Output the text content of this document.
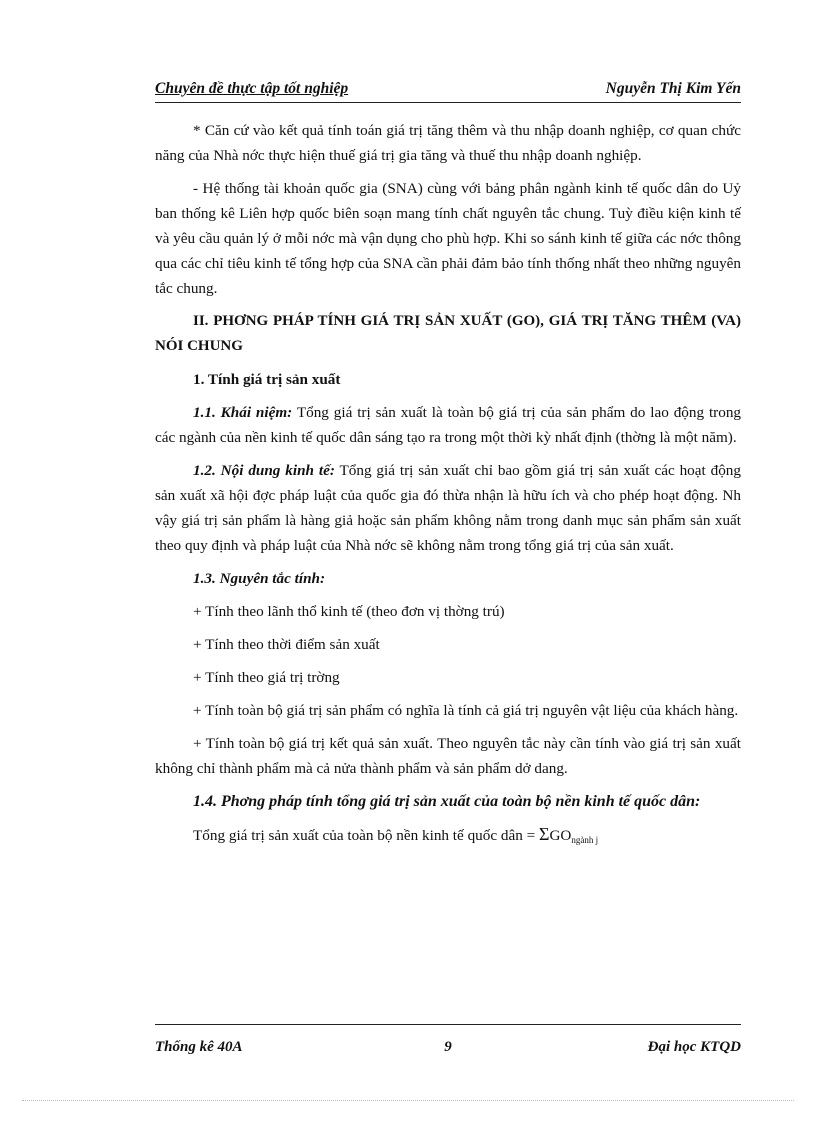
Chuyên đề thực tập tốt nghiệp	Nguyễn Thị Kim Yến

* Căn cứ vào kết quả tính toán giá trị tăng thêm và thu nhập doanh nghiệp, cơ quan chức năng của Nhà nớc thực hiện thuế giá trị gia tăng và thuế thu nhập doanh nghiệp.

- Hệ thống tài khoản quốc gia (SNA) cùng với bảng phân ngành kinh tế quốc dân do Uỷ ban thống kê Liên hợp quốc biên soạn mang tính chất nguyên tắc chung. Tuỳ điều kiện kinh tế và yêu cầu quản lý ở mỗi nớc mà vận dụng cho phù hợp. Khi so sánh kinh tế giữa các nớc thông qua các chỉ tiêu kinh tế tổng hợp của SNA cần phải đảm bảo tính thống nhất theo những nguyên tắc chung.

II. PHƠNG PHÁP TÍNH GIÁ TRỊ SẢN XUẤT (GO), GIÁ TRỊ TĂNG THÊM (VA) NÓI CHUNG

1. Tính giá trị sản xuất

1.1. Khái niệm: Tổng giá trị sản xuất là toàn bộ giá trị của sản phẩm do lao động trong các ngành của nền kinh tế quốc dân sáng tạo ra trong một thời kỳ nhất định (thờng là một năm).

1.2. Nội dung kinh tế: Tổng giá trị sản xuất chỉ bao gồm giá trị sản xuất các hoạt động sản xuất xã hội đợc pháp luật của quốc gia đó thừa nhận là hữu ích và cho phép hoạt động. Nh vậy giá trị sản phẩm là hàng giả hoặc sản phẩm không nằm trong danh mục sản phẩm sản xuất theo quy định và pháp luật của Nhà nớc sẽ không nằm trong tổng giá trị của sản xuất.

1.3. Nguyên tắc tính:

+ Tính theo lãnh thổ kinh tế (theo đơn vị thờng trú)

+ Tính theo thời điểm sản xuất

+ Tính theo giá trị trờng

+ Tính toàn bộ giá trị sản phẩm có nghĩa là tính cả giá trị nguyên vật liệu của khách hàng.

+ Tính toàn bộ giá trị kết quả sản xuất. Theo nguyên tắc này cần tính vào giá trị sản xuất không chỉ thành phẩm mà cả nửa thành phẩm và sản phẩm dở dang.

1.4. Phơng pháp tính tổng giá trị sản xuất của toàn bộ nền kinh tế quốc dân:

Tổng giá trị sản xuất của toàn bộ nền kinh tế quốc dân = $\Sigma GO_{ngành j}$

Thống kê 40A	9	Đại học KTQD
